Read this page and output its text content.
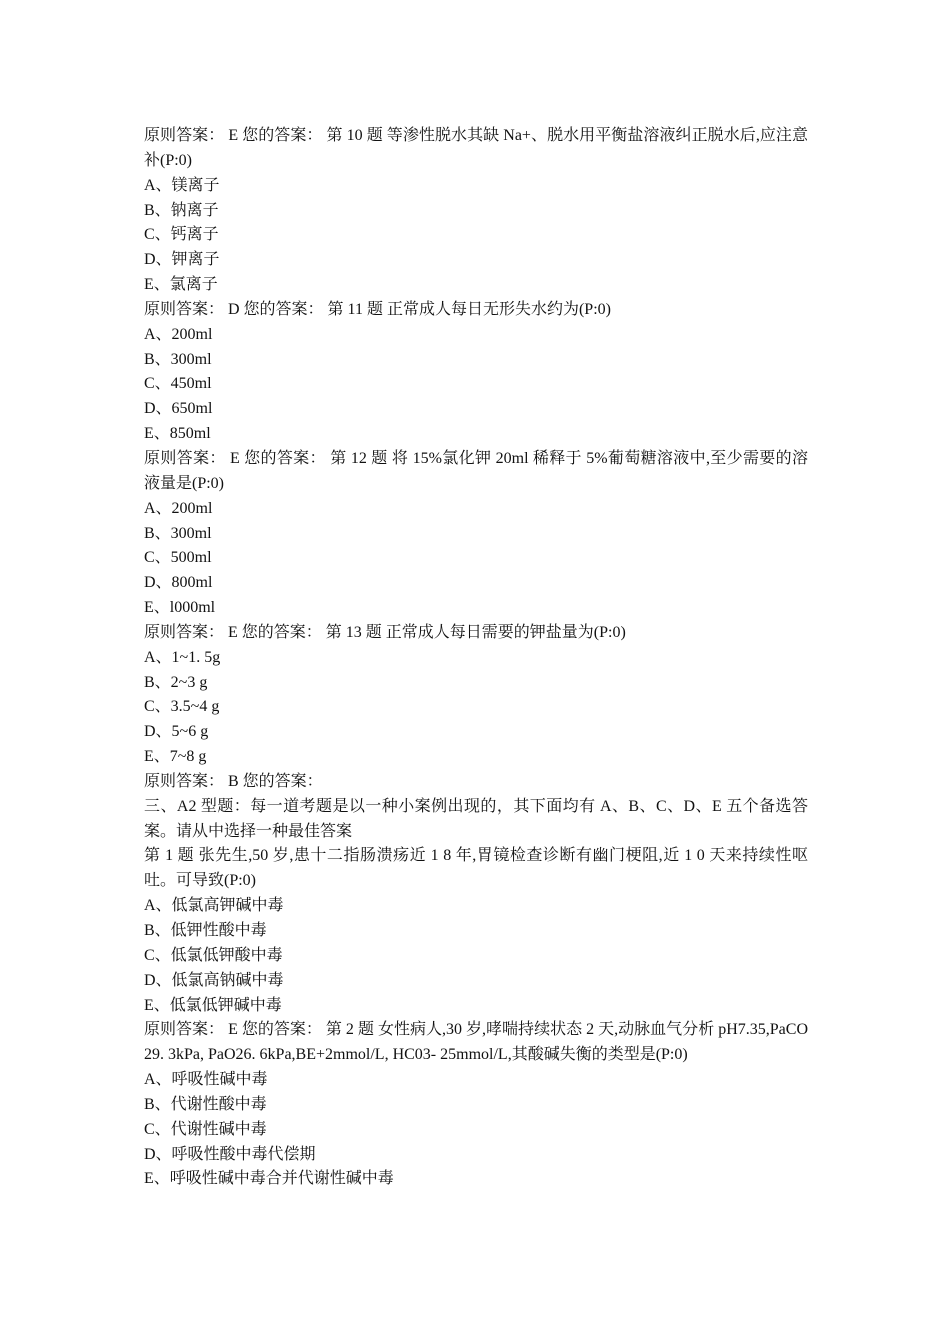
原则答案： E 您的答案： 第 10 题 等渗性脱水其缺 Na+、脱水用平衡盐溶液纠正脱水后,应注意补(P:0)
A、镁离子
B、钠离子
C、钙离子
D、钾离子
E、氯离子
原则答案： D 您的答案： 第 11 题 正常成人每日无形失水约为(P:0)
A、200ml
B、300ml
C、450ml
D、650ml
E、850ml
原则答案： E 您的答案： 第 12 题 将 15%氯化钾 20ml 稀释于 5%葡萄糖溶液中,至少需要的溶液量是(P:0)
A、200ml
B、300ml
C、500ml
D、800ml
E、l000ml
原则答案： E 您的答案： 第 13 题 正常成人每日需要的钾盐量为(P:0)
A、1~1. 5g
B、2~3 g
C、3.5~4 g
D、5~6 g
E、7~8 g
原则答案： B 您的答案：
三、A2 型题：每一道考题是以一种小案例出现的，其下面均有 A、B、C、D、E 五个备选答案。请从中选择一种最佳答案
第 1 题 张先生,50 岁,患十二指肠溃疡近 1 8 年,胃镜检查诊断有幽门梗阻,近 1 0 天来持续性呕吐。可导致(P:0)
A、低氯高钾碱中毒
B、低钾性酸中毒
C、低氯低钾酸中毒
D、低氯高钠碱中毒
E、低氯低钾碱中毒
原则答案： E 您的答案： 第 2 题 女性病人,30 岁,哮喘持续状态 2 天,动脉血气分析 pH7.35,PaCO29. 3kPa, PaO26. 6kPa,BE+2mmol/L, HC03- 25mmol/L,其酸碱失衡的类型是(P:0)
A、呼吸性碱中毒
B、代谢性酸中毒
C、代谢性碱中毒
D、呼吸性酸中毒代偿期
E、呼吸性碱中毒合并代谢性碱中毒
